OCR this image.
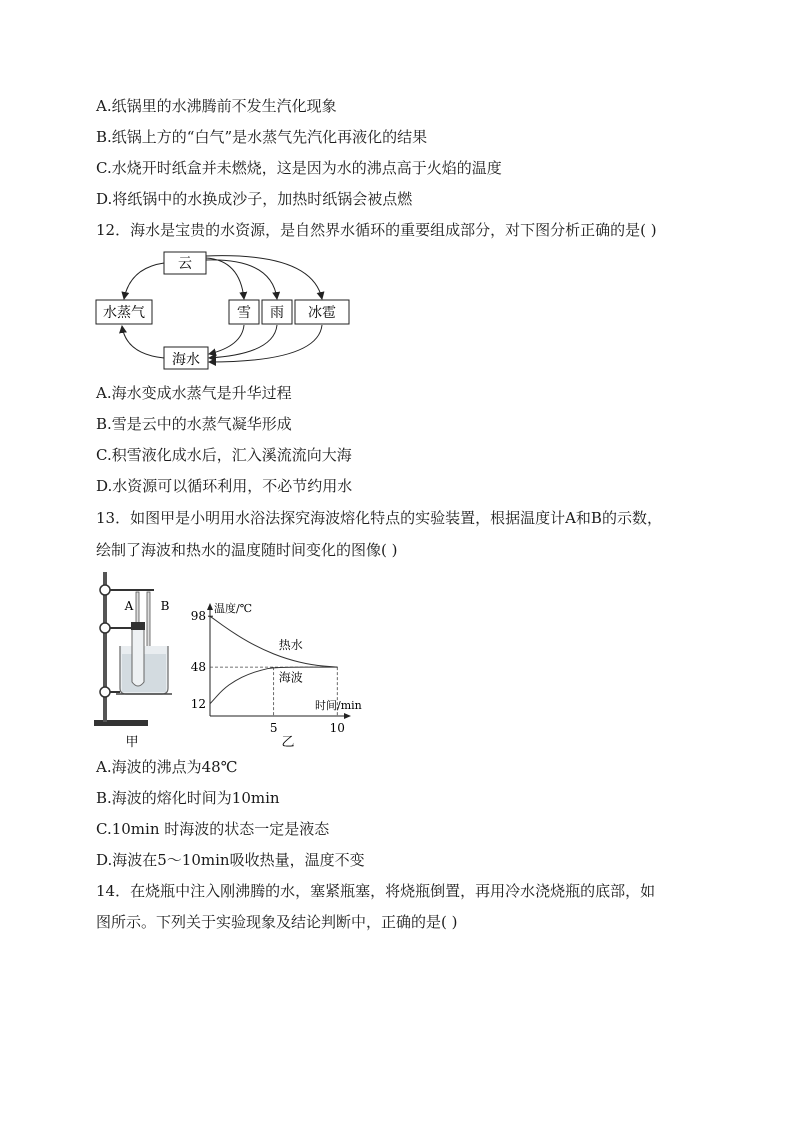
A.纸锅里的水沸腾前不发生汽化现象
B.纸锅上方的“白气”是水蒸气先汽化再液化的结果
C.水烧开时纸盒并未燃烧，这是因为水的沸点高于火焰的温度
D.将纸锅中的水换成沙子，加热时纸锅会被点燃
12．海水是宝贵的水资源，是自然界水循环的重要组成部分，对下图分析正确的是( )
云
水蒸气	雪 雨 冰雹
海水
A.海水变成水蒸气是升华过程
B.雪是云中的水蒸气凝华形成
C.积雪液化成水后，汇入溪流流向大海
D.水资源可以循环利用，不必节约用水
13．如图甲是小明用水浴法探究海波熔化特点的实验装置，根据温度计A和B的示数，
绘制了海波和热水的温度随时间变化的图像( )
A B
甲
温度/℃
时间/min
12
48
98
5	10
热水
海波
乙
A.海波的沸点为48℃
B.海波的熔化时间为10min
C.10min 时海波的状态一定是液态
D.海波在5～10min吸收热量，温度不变
14．在烧瓶中注入刚沸腾的水，塞紧瓶塞，将烧瓶倒置，再用冷水浇烧瓶的底部，如
图所示。下列关于实验现象及结论判断中，正确的是( )
